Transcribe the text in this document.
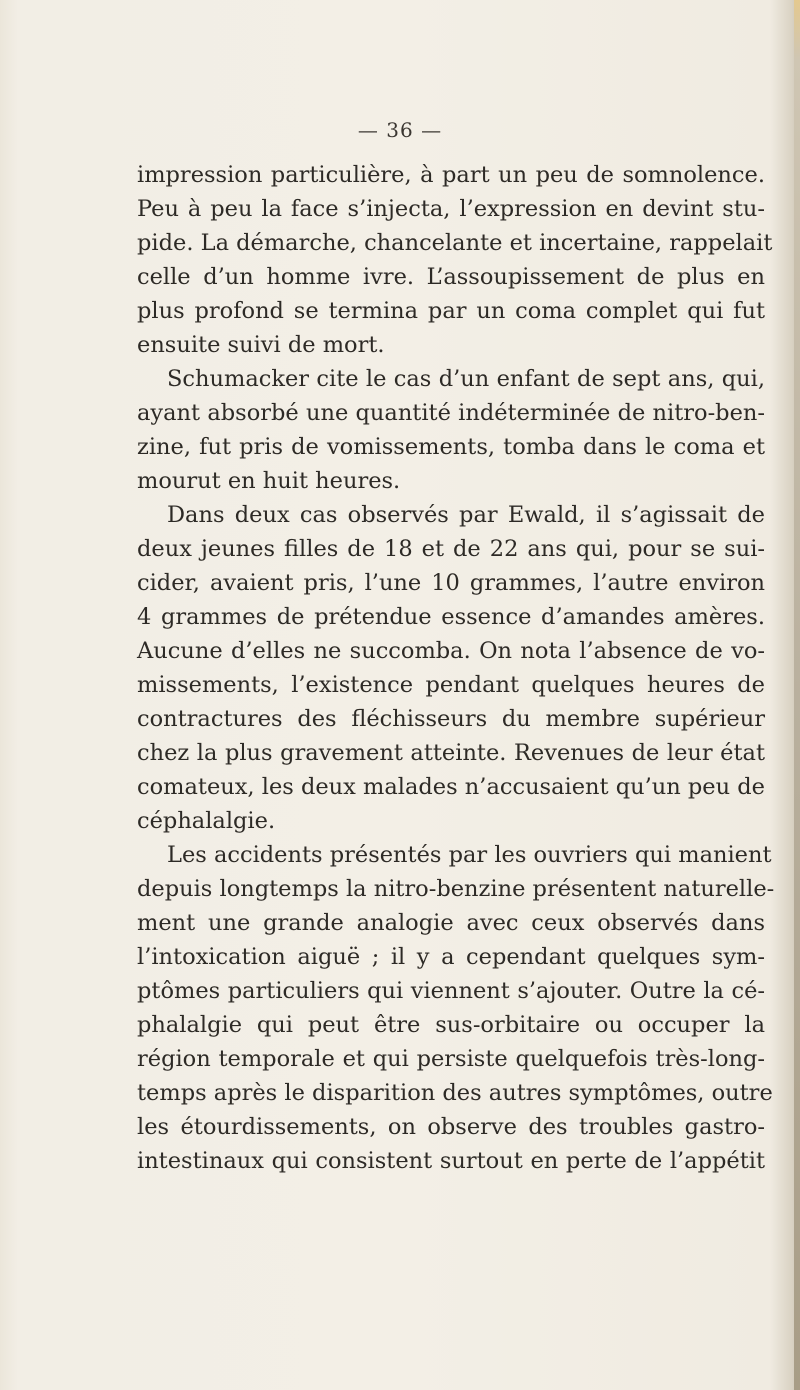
— 36 —
impression particulière, à part un peu de somnolence.
Peu à peu la face s’injecta, l’expression en devint stu-
pide. La démarche, chancelante et incertaine, rappelait
celle d’un homme ivre. L’assoupissement de plus en
plus profond se termina par un coma complet qui fut
ensuite suivi de mort.
Schumacker cite le cas d’un enfant de sept ans, qui,
ayant absorbé une quantité indéterminée de nitro-ben-
zine, fut pris de vomissements, tomba dans le coma et
mourut en huit heures.
Dans deux cas observés par Ewald, il s’agissait de
deux jeunes filles de 18 et de 22 ans qui, pour se sui-
cider, avaient pris, l’une 10 grammes, l’autre environ
4 grammes de prétendue essence d’amandes amères.
Aucune d’elles ne succomba. On nota l’absence de vo-
missements, l’existence pendant quelques heures de
contractures des fléchisseurs du membre supérieur
chez la plus gravement atteinte. Revenues de leur état
comateux, les deux malades n’accusaient qu’un peu de
céphalalgie.
Les accidents présentés par les ouvriers qui manient
depuis longtemps la nitro-benzine présentent naturelle-
ment une grande analogie avec ceux observés dans
l’intoxication aiguë ; il y a cependant quelques sym-
ptômes particuliers qui viennent s’ajouter. Outre la cé-
phalalgie qui peut être sus-orbitaire ou occuper la
région temporale et qui persiste quelquefois très-long-
temps après le disparition des autres symptômes, outre
les étourdissements, on observe des troubles gastro-
intestinaux qui consistent surtout en perte de l’appétit
